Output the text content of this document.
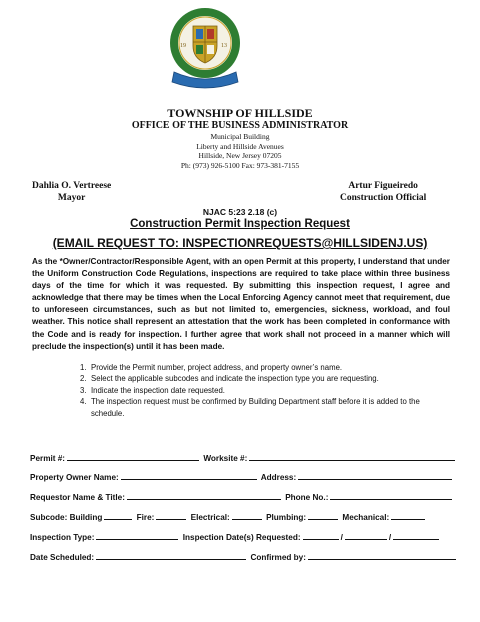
19	13
TOWNSHIP OF HILLSIDE
OFFICE OF THE BUSINESS ADMINISTRATOR
Municipal Building
Liberty and Hillside Avenues
Hillside, New Jersey 07205
Ph: (973) 926-5100 Fax: 973-381-7155
Dahlia O. Vertreese
Mayor
Artur Figueiredo
Construction Official
NJAC 5:23 2.18 (c)
Construction Permit Inspection Request
(EMAIL REQUEST TO: INSPECTIONREQUESTS@HILLSIDENJ.US)
As the *Owner/Contractor/Responsible Agent, with an open Permit at this property, I understand that under the Uniform Construction Code Regulations, inspections are required to take place within three business days of the time for which it was requested. By submitting this inspection request, I agree and acknowledge that there may be times when the Local Enforcing Agency cannot meet that requirement, due to unforeseen circumstances, such as but not limited to, emergencies, sickness, workload, and foul weather. This notice shall represent an attestation that the work has been completed in conformance with the Code and is ready for inspection. I further agree that work shall not proceed in a manner which will preclude the inspection(s) until it has been made.
1. Provide the Permit number, project address, and property owner’s name.
2. Select the applicable subcodes and indicate the inspection type you are requesting.
3. Indicate the inspection date requested.
4. The inspection request must be confirmed by Building Department staff before it is added to the schedule.
Permit #:	Worksite #:
Property Owner Name:	Address:
Requestor Name & Title:	Phone No.:
Subcode: Building	Fire:	Electrical:	Plumbing:	Mechanical:
Inspection Type:	Inspection Date(s) Requested:	/	/
Date Scheduled:	Confirmed by:
